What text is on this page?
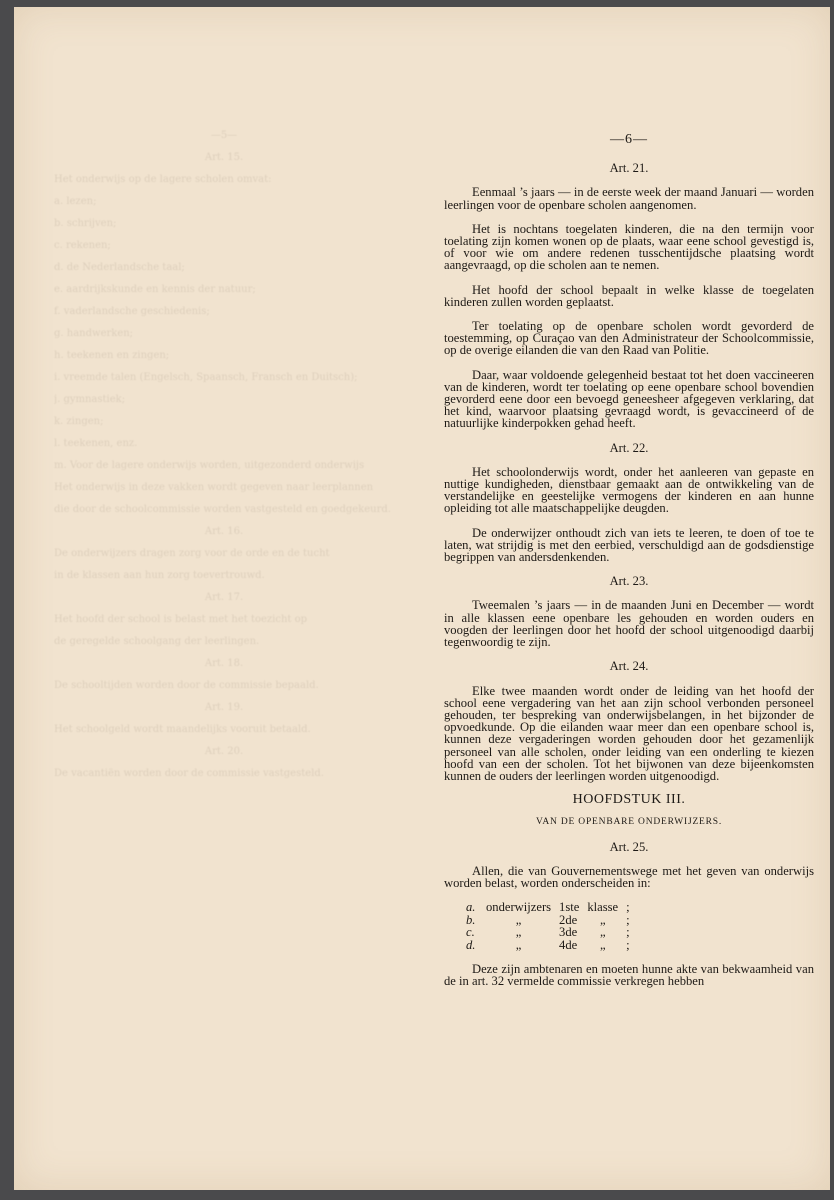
—5—
Art. 15.
Het onderwijs op de lagere scholen omvat:
a. lezen;
b. schrijven;
c. rekenen;
d. de Nederlandsche taal;
e. aardrijkskunde en kennis der natuur;
f. vaderlandsche geschiedenis;
g. handwerken;
h. teekenen en zingen;
i. vreemde talen (Engelsch, Spaansch, Fransch en Duitsch);
j. gymnastiek;
k. zingen;
l. teekenen, enz.
m. Voor de lagere onderwijs worden, uitgezonderd onderwijs
Het onderwijs in deze vakken wordt gegeven naar leerplannen
die door de schoolcommissie worden vastgesteld en goedgekeurd.
Art. 16.
De onderwijzers dragen zorg voor de orde en de tucht
in de klassen aan hun zorg toevertrouwd.
Art. 17.
Het hoofd der school is belast met het toezicht op
de geregelde schoolgang der leerlingen.
Art. 18.
De schooltijden worden door de commissie bepaald.
Art. 19.
Het schoolgeld wordt maandelijks vooruit betaald.
Art. 20.
De vacantiën worden door de commissie vastgesteld.
—6—
Art. 21.

Eenmaal ’s jaars — in de eerste week der maand Januari — worden leerlingen voor de openbare scholen aangenomen.

Het is nochtans toegelaten kinderen, die na den termijn voor toelating zijn komen wonen op de plaats, waar eene school gevestigd is, of voor wie om andere redenen tusschentijdsche plaatsing wordt aangevraagd, op die scholen aan te nemen.

Het hoofd der school bepaalt in welke klasse de toegelaten kinderen zullen worden geplaatst.

Ter toelating op de openbare scholen wordt gevorderd de toestemming, op Curaçao van den Administrateur der Schoolcommissie, op de overige eilanden die van den Raad van Politie.

Daar, waar voldoende gelegenheid bestaat tot het doen vaccineeren van de kinderen, wordt ter toelating op eene openbare school bovendien gevorderd eene door een bevoegd geneesheer afgegeven verklaring, dat het kind, waarvoor plaatsing gevraagd wordt, is gevaccineerd of de natuurlijke kinderpokken gehad heeft.

Art. 22.

Het schoolonderwijs wordt, onder het aanleeren van gepaste en nuttige kundigheden, dienstbaar gemaakt aan de ontwikkeling van de verstandelijke en geestelijke vermogens der kinderen en aan hunne opleiding tot alle maatschappelijke deugden.

De onderwijzer onthoudt zich van iets te leeren, te doen of toe te laten, wat strijdig is met den eerbied, verschuldigd aan de godsdienstige begrippen van andersdenkenden.

Art. 23.

Tweemalen ’s jaars — in de maanden Juni en December — wordt in alle klassen eene openbare les gehouden en worden ouders en voogden der leerlingen door het hoofd der school uitgenoodigd daarbij tegenwoordig te zijn.

Art. 24.

Elke twee maanden wordt onder de leiding van het hoofd der school eene vergadering van het aan zijn school verbonden personeel gehouden, ter bespreking van onderwijsbelangen, in het bijzonder de opvoedkunde. Op die eilanden waar meer dan een openbare school is, kunnen deze vergaderingen worden gehouden door het gezamenlijk personeel van alle scholen, onder leiding van een onderling te kiezen hoofd van een der scholen. Tot het bijwonen van deze bijeenkomsten kunnen de ouders der leerlingen worden uitgenoodigd.

HOOFDSTUK III.
VAN DE OPENBARE ONDERWIJZERS.
Art. 25.

Allen, die van Gouvernementswege met het geven van onderwijs worden belast, worden onderscheiden in:

a.	onderwijzers	1ste	klasse	;
b.	„	2de	„	;
c.	„	3de	„	;
d.	„	4de	„	;

Deze zijn ambtenaren en moeten hunne akte van bekwaamheid van de in art. 32 vermelde commissie verkregen hebben
